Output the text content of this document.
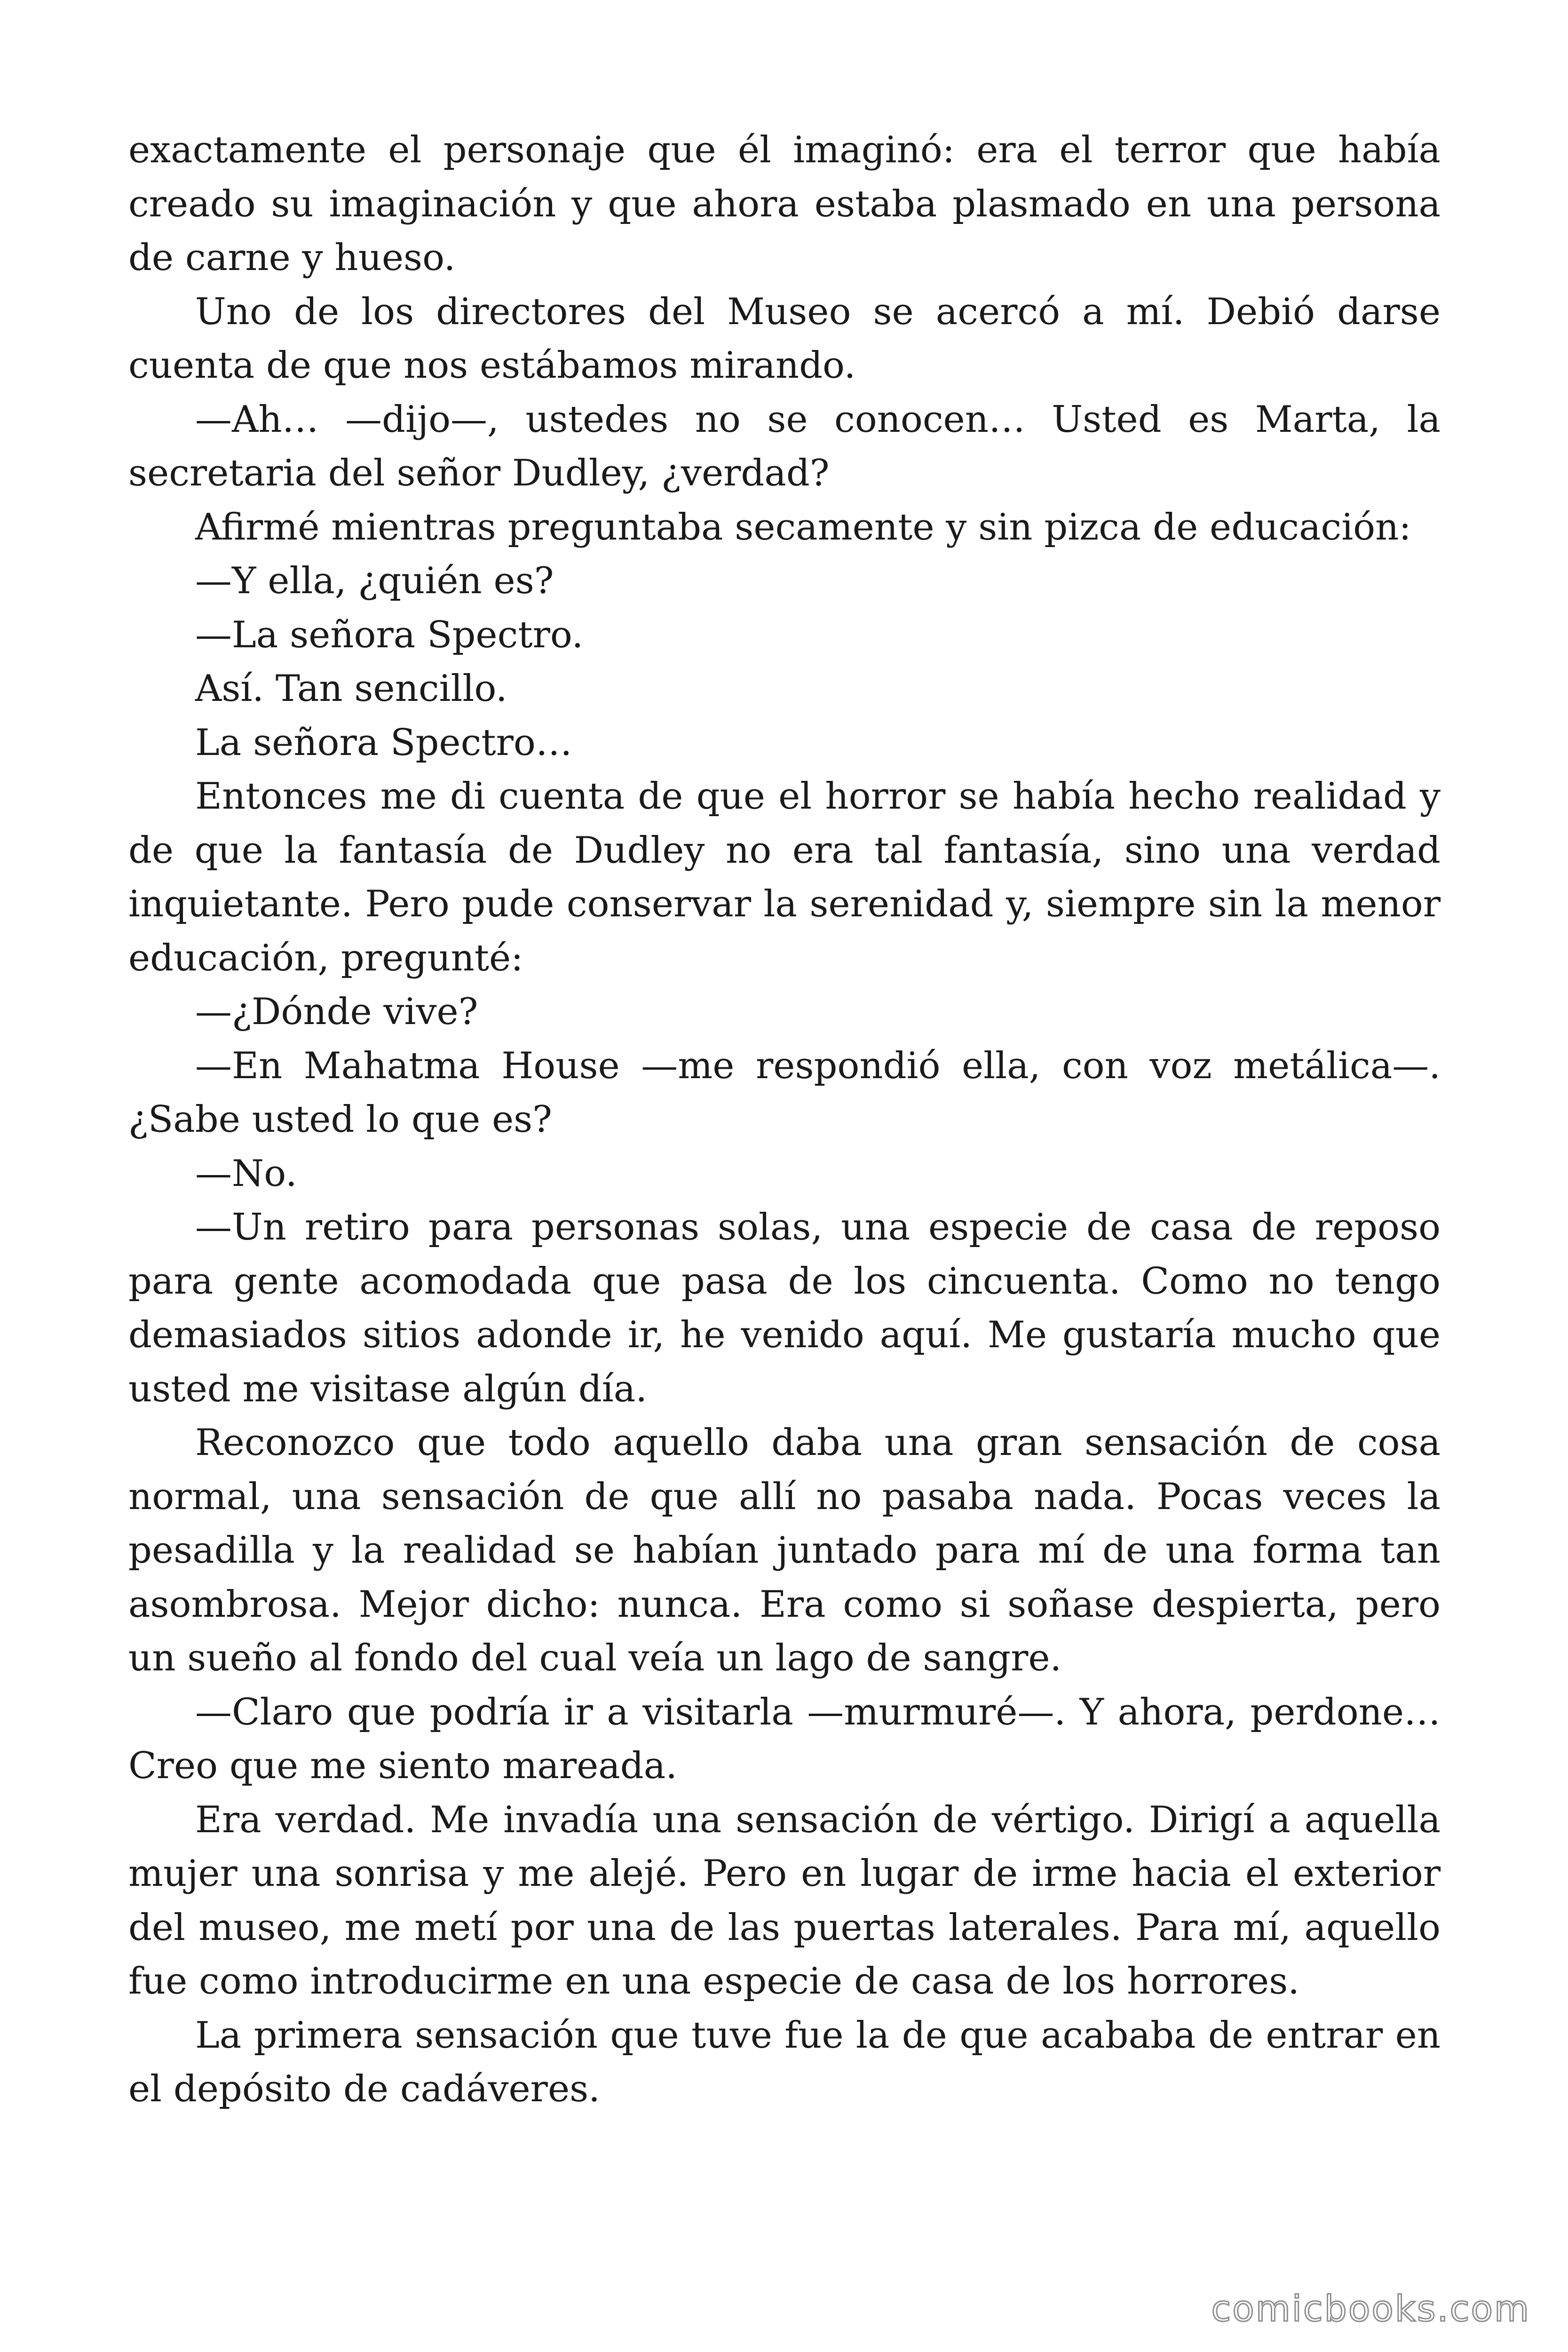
exactamente el personaje que él imaginó: era el terror que había creado su imaginación y que ahora estaba plasmado en una persona de carne y hueso.

Uno de los directores del Museo se acercó a mí. Debió darse cuenta de que nos estábamos mirando.

—Ah… —dijo—, ustedes no se conocen… Usted es Marta, la secretaria del señor Dudley, ¿verdad?

Afirmé mientras preguntaba secamente y sin pizca de educación:

—Y ella, ¿quién es?

—La señora Spectro.

Así. Tan sencillo.

La señora Spectro…

Entonces me di cuenta de que el horror se había hecho realidad y de que la fantasía de Dudley no era tal fantasía, sino una verdad inquietante. Pero pude conservar la serenidad y, siempre sin la menor educación, pregunté:

—¿Dónde vive?

—En Mahatma House —me respondió ella, con voz metálica—. ¿Sabe usted lo que es?

—No.

—Un retiro para personas solas, una especie de casa de reposo para gente acomodada que pasa de los cincuenta. Como no tengo demasiados sitios adonde ir, he venido aquí. Me gustaría mucho que usted me visitase algún día.

Reconozco que todo aquello daba una gran sensación de cosa normal, una sensación de que allí no pasaba nada. Pocas veces la pesadilla y la realidad se habían juntado para mí de una forma tan asombrosa. Mejor dicho: nunca. Era como si soñase despierta, pero un sueño al fondo del cual veía un lago de sangre.

—Claro que podría ir a visitarla —murmuré—. Y ahora, perdone… Creo que me siento mareada.

Era verdad. Me invadía una sensación de vértigo. Dirigí a aquella mujer una sonrisa y me alejé. Pero en lugar de irme hacia el exterior del museo, me metí por una de las puertas laterales. Para mí, aquello fue como introducirme en una especie de casa de los horrores.

La primera sensación que tuve fue la de que acababa de entrar en el depósito de cadáveres.

comicbooks.com
